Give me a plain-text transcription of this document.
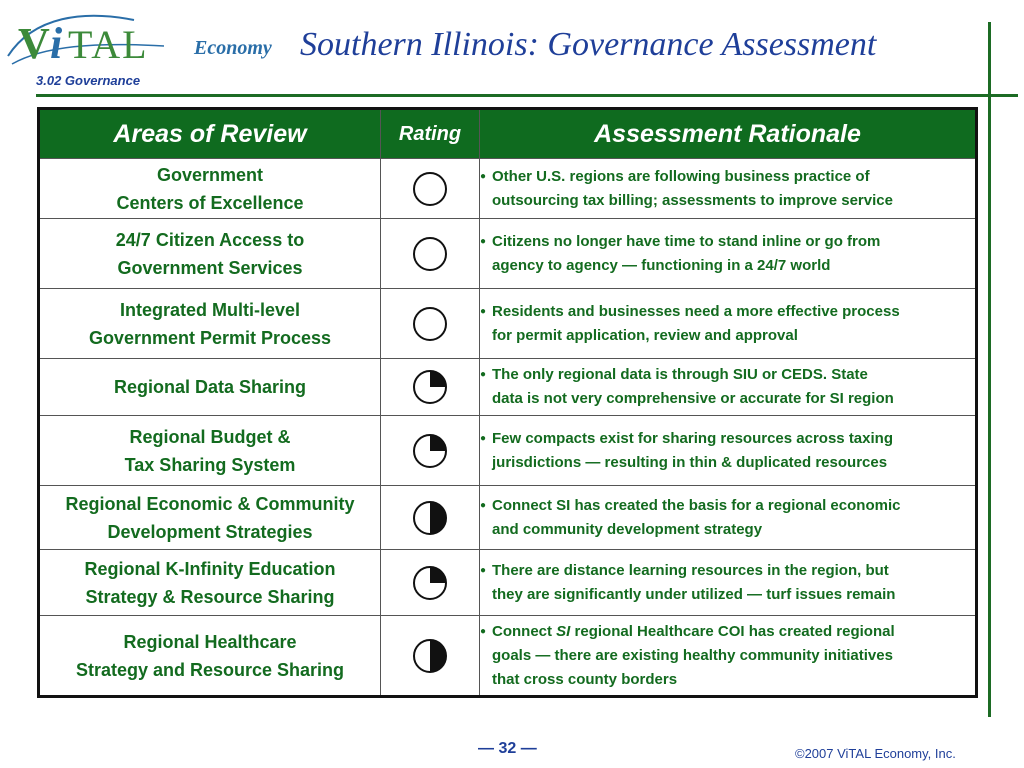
V i TAL Economy Southern Illinois: Governance Assessment
3.02 Governance
Areas of Review	Rating	Assessment Rationale

Government
Centers of Excellence		● Other U.S. regions are following business practice of
outsourcing tax billing; assessments to improve service

24/7 Citizen Access to
Government Services		● Citizens no longer have time to stand inline or go from
agency to agency — functioning in a 24/7 world

Integrated Multi-level
Government Permit Process		● Residents and businesses need a more effective process
for permit application, review and approval

Regional Data Sharing		● The only regional data is through SIU or CEDS. State
data is not very comprehensive or accurate for SI region

Regional Budget &
Tax Sharing System		● Few compacts exist for sharing resources across taxing
jurisdictions — resulting in thin & duplicated resources

Regional Economic & Community
Development Strategies		● Connect SI has created the basis for a regional economic
and community development strategy

Regional K-Infinity Education
Strategy & Resource Sharing		● There are distance learning resources in the region, but
they are significantly under utilized — turf issues remain

Regional Healthcare
Strategy and Resource Sharing		● Connect SI regional Healthcare COI has created regional
goals — there are existing healthy community initiatives
that cross county borders
— 32 —	©2007 ViTAL Economy, Inc.
